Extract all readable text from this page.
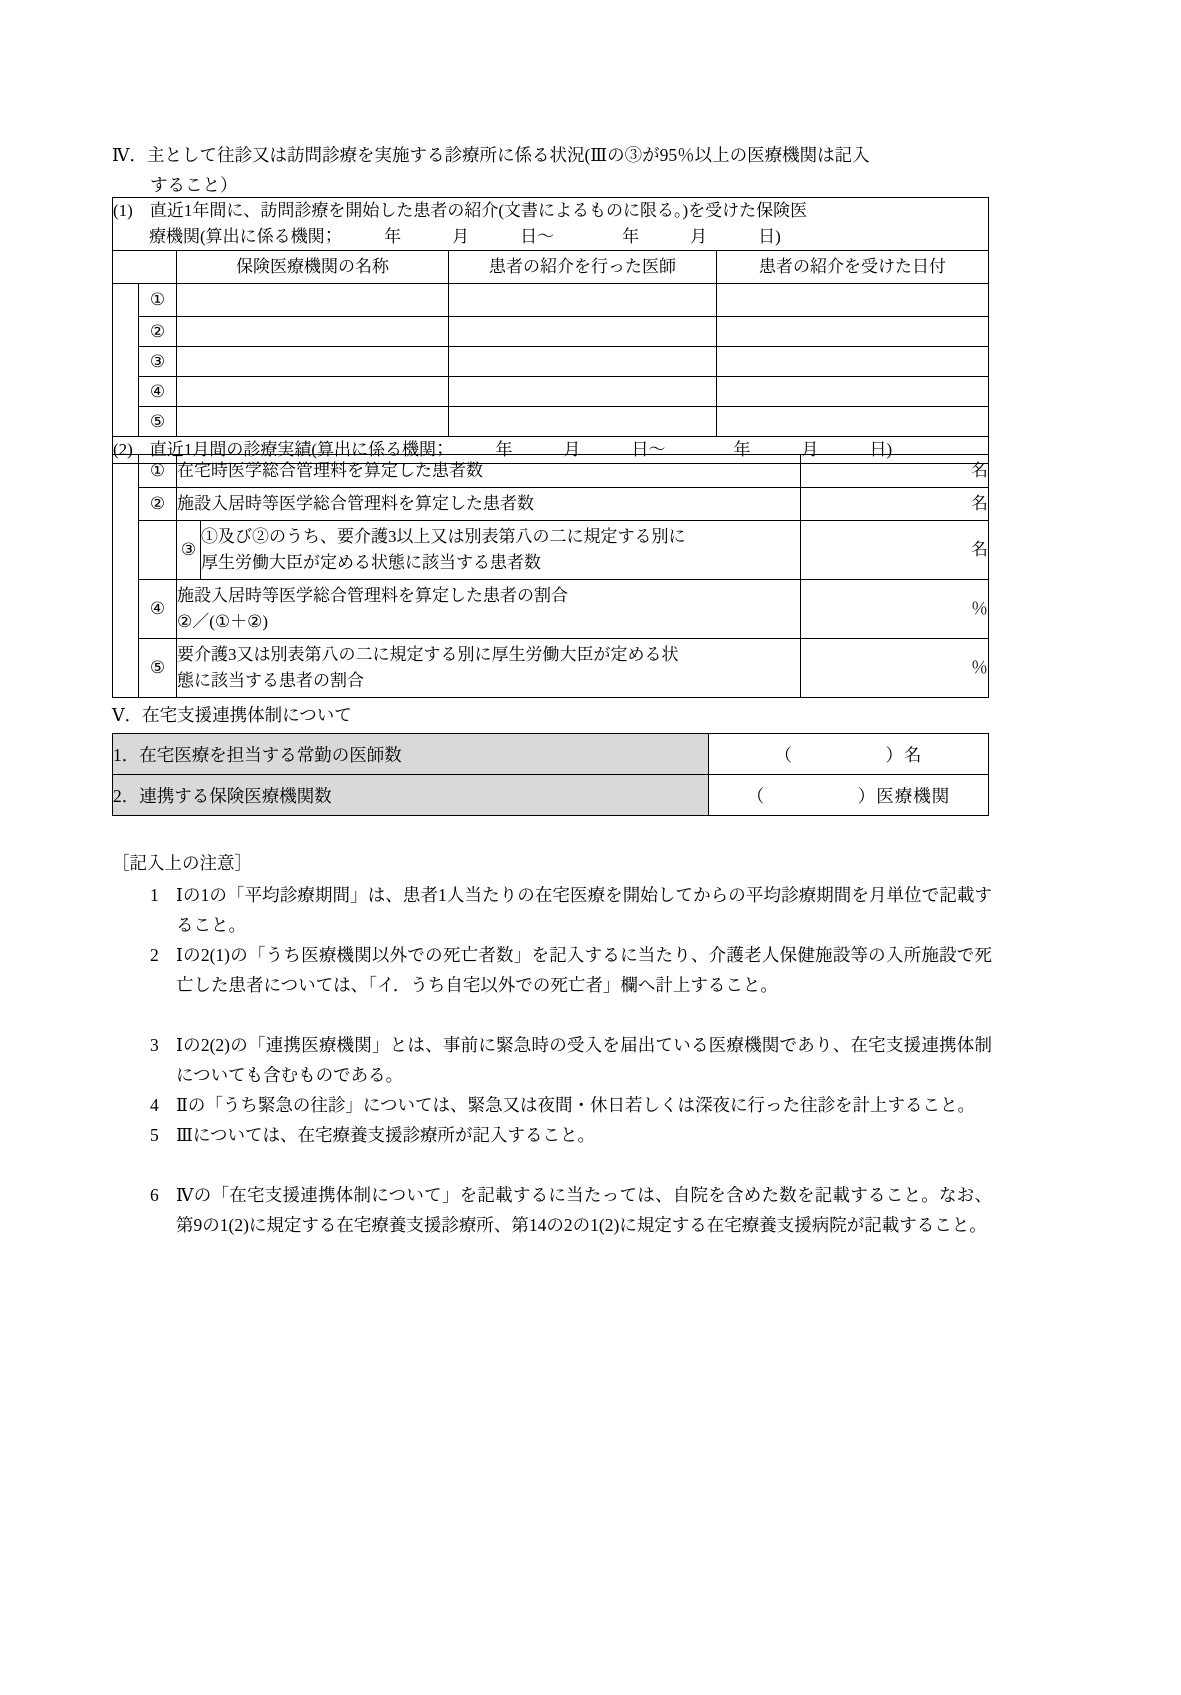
Ⅳ．主として往診又は訪問診療を実施する診療所に係る状況(Ⅲの③が95％以上の医療機関は記入
すること）
(1) 直近1年間に、訪問診療を開始した患者の紹介(文書によるものに限る。)を受けた保険医
療機関(算出に係る機関；　　　年　　　月　　　日～　　　　年　　　月　　　日)				

		保険医療機関の名称	患者の紹介を行った医師	患者の紹介を受けた日付
	①			
	②			
	③			
	④			
	⑤			
(2) 直近1月間の診療実績(算出に係る機関；　　　年　　　月　　　日～　　　　年　　　月　　　日)				
	①	在宅時医学総合管理料を算定した患者数		名
	②	施設入居時等医学総合管理料を算定した患者数		名
		③	①及び②のうち、要介護3以上又は別表第八の二に規定する別に
厚生労働大臣が定める状態に該当する患者数	名
	④	施設入居時等医学総合管理料を算定した患者の割合
②／(①＋②)		％
	⑤	要介護3又は別表第八の二に規定する別に厚生労働大臣が定める状
態に該当する患者の割合		％
Ⅴ．在宅支援連携体制について
1．在宅医療を担当する常勤の医師数	（　　　　　）名
2．連携する保険医療機関数	（　　　　　）医療機関
［記入上の注意］
1 Ⅰの1の「平均診療期間」は、患者1人当たりの在宅医療を開始してからの平均診療期間を月単位で記載すること。
2 Ⅰの2(1)の「うち医療機関以外での死亡者数」を記入するに当たり、介護老人保健施設等の入所施設で死亡した患者については、「イ．うち自宅以外での死亡者」欄へ計上すること。
3 Ⅰの2(2)の「連携医療機関」とは、事前に緊急時の受入を届出ている医療機関であり、在宅支援連携体制についても含むものである。
4 Ⅱの「うち緊急の往診」については、緊急又は夜間・休日若しくは深夜に行った往診を計上すること。
5 Ⅲについては、在宅療養支援診療所が記入すること。
6 Ⅳの「在宅支援連携体制について」を記載するに当たっては、自院を含めた数を記載すること。なお、第9の1(2)に規定する在宅療養支援診療所、第14の2の1(2)に規定する在宅療養支援病院が記載すること。
